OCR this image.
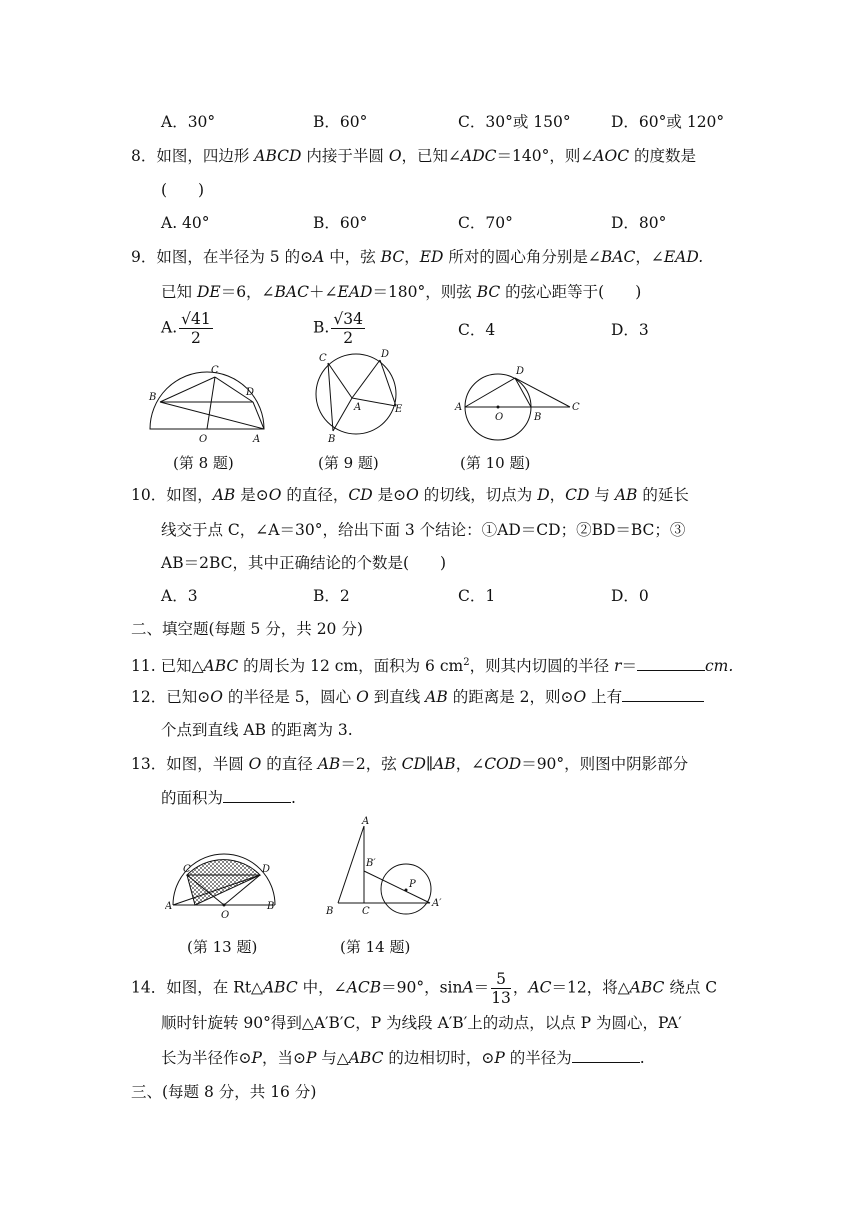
A．30°	B．60°	C．30°或 150°	D．60°或 120°
8．如图，四边形 ABCD 内接于半圆 O，已知∠ADC＝140°，则∠AOC 的度数是
(　　)
A. 40°	B．60°	C．70°	D．80°
9．如图，在半径为 5 的⊙A 中，弦 BC，ED 所对的圆心角分别是∠BAC，∠EAD.
已知 DE＝6，∠BAC＋∠EAD＝180°，则弦 BC 的弦心距等于(　　)
A. $\frac{√41}{2}$	B. $\frac{√34}{2}$	C．4	D．3
B
C
D
O	A
(第 8 题)
C	D
A	E
B
(第 9 题)
A
D
O	B
C
(第 10 题)
10．如图，AB 是⊙O 的直径，CD 是⊙O 的切线，切点为 D，CD 与 AB 的延长
线交于点 C，∠A＝30°，给出下面 3 个结论：①AD＝CD；②BD＝BC；③
AB＝2BC，其中正确结论的个数是(　　)
A．3	B．2	C．1	D．0
二、填空题(每题 5 分，共 20 分)
11. 已知△ABC 的周长为 12 cm，面积为 6 $cm^2$，则其内切圆的半径 r＝	cm.
12．已知⊙O 的半径是 5，圆心 O 到直线 AB 的距离是 2，则⊙O 上有
个点到直线 AB 的距离为 3.
13．如图，半圆 O 的直径 AB＝2，弦 CD∥AB，∠COD＝90°，则图中阴影部分
的面积为	.
C	D
A
O
B
(第 13 题)
A
B′
P
B	C
A′
(第 14 题)
14．如图，在 Rt△ABC 中，∠ACB＝90°，$\sin A= \frac{5}{13}$ ，AC＝12，将△ABC 绕点 C
顺时针旋转 90°得到△A′B′C，P 为线段 A′B′上的动点，以点 P 为圆心，PA′
长为半径作⊙P，当⊙P 与△ABC 的边相切时，⊙P 的半径为	.
三、(每题 8 分，共 16 分)
